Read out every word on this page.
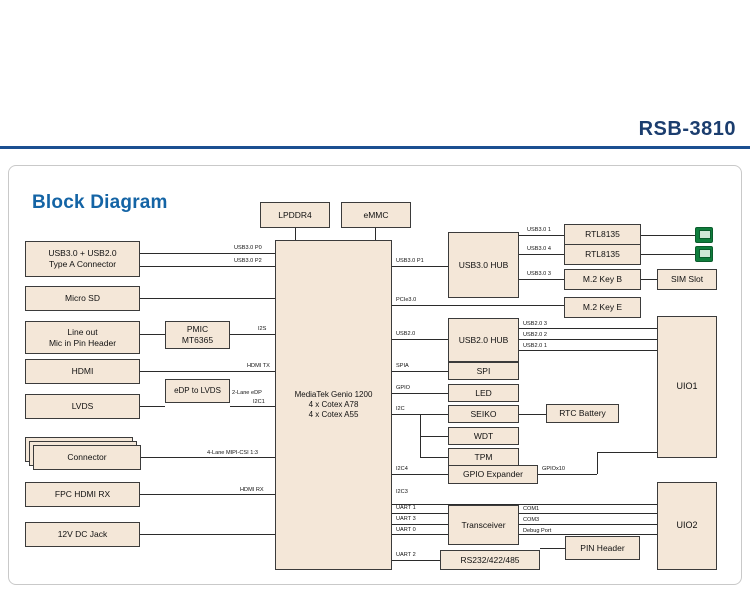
RSB-3810
Block Diagram
LPDDR4	eMMC
MediaTek Genio 1200
4 x Cotex A78
4 x Cotex A55
USB3.0 + USB2.0
Type A Connector
Micro SD
Line out
Mic in Pin Header
HDMI
LVDS
Connector
FPC HDMI RX
12V DC Jack
PMIC
MT6365
eDP to LVDS
USB3.0 HUB
USB2.0 HUB
RTL8135
RTL8135
M.2 Key B
M.2 Key E
SIM Slot
SPI
LED
SEIKO
WDT
TPM
RTC Battery
GPIO Expander
UIO1
UIO2
Transceiver
RS232/422/485
PIN Header
USB3.0 P0
USB3.0 P2	USB3.0 P1
USB3.0 1
USB3.0 4
USB3.0 3
PCIe3.0
USB2.0
USB2.0 3
USB2.0 2
USB2.0 1
I2S
HDMI TX
2-Lane eDP
I2C1
4-Lane MIPI-CSI 1:3
HDMI RX
SPIA
GPIO
I2C
I2C4	GPIOx10
I2C3
UART 1
UART 3
UART 0
UART 2
COM1
COM3
Debug Port
